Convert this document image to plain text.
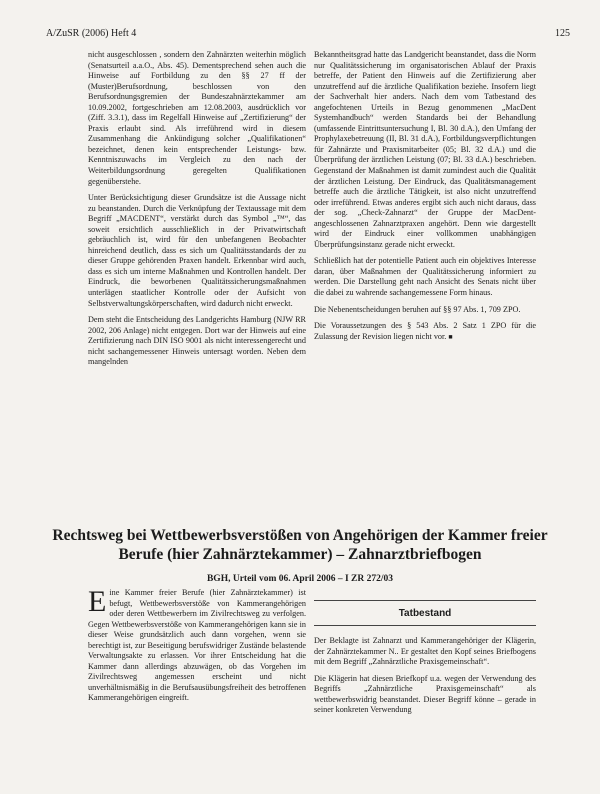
A/ZuSR (2006) Heft 4	125

nicht ausgeschlossen , sondern den Zahnärzten weiterhin möglich (Senatsurteil a.a.O., Abs. 45). Dementsprechend sehen auch die Hinweise auf Fortbildung zu den §§ 27 ff der (Muster)Berufsordnung, beschlossen von den Berufsordnungsgremien der Bundeszahnärztekammer am 10.09.2002, fortgeschrieben am 12.08.2003, ausdrücklich vor (Ziff. 3.3.1), dass im Regelfall Hinweise auf „Zertifizierung“ der Praxis erlaubt sind. Als irreführend wird in diesem Zusammenhang die Ankündigung solcher „Qualifikationen“ bezeichnet, denen kein entsprechender Leistungs- bzw. Kenntniszuwachs im Vergleich zu den nach der Weiterbildungsordnung geregelten Qualifikationen gegenüberstehe.

Unter Berücksichtigung dieser Grundsätze ist die Aussage nicht zu beanstanden. Durch die Verknüpfung der Textaussage mit dem Begriff „MACDENT“, verstärkt durch das Symbol „™“, das soweit ersichtlich ausschließlich in der Privatwirtschaft gebräuchlich ist, wird für den unbefangenen Beobachter hinreichend deutlich, dass es sich um Qualitätsstandards der zu dieser Gruppe gehörenden Praxen handelt. Erkennbar wird auch, dass es sich um interne Maßnahmen und Kontrollen handelt. Der Eindruck, die beworbenen Qualitätssicherungsmaßnahmen unterlägen staatlicher Kontrolle oder der Aufsicht von Selbstverwaltungskörperschaften, wird dadurch nicht erweckt.

Dem steht die Entscheidung des Landgerichts Hamburg (NJW RR 2002, 206 Anlage) nicht entgegen. Dort war der Hinweis auf eine Zertifizierung nach DIN ISO 9001 als nicht interessengerecht und nicht sachangemessener Hinweis untersagt worden. Neben dem mangelnden

Bekanntheitsgrad hatte das Landgericht beanstandet, dass die Norm nur Qualitätssicherung im organisatorischen Ablauf der Praxis betreffe, der Patient den Hinweis auf die Zertifizierung aber unzutreffend auf die ärztliche Qualifikation beziehe. Insofern liegt der Sachverhalt hier anders. Nach dem vom Tatbestand des angefochtenen Urteils in Bezug genommenen „MacDent Systemhandbuch“ werden Standards bei der Behandlung (umfassende Eintrittsuntersuchung I, Bl. 30 d.A.), den Umfang der Prophylaxebetreuung (II, Bl. 31 d.A.), Fortbildungsverpflichtungen für Zahnärzte und Praxismitarbeiter (05; Bl. 32 d.A.) und die Überprüfung der ärztlichen Leistung (07; Bl. 33 d.A.) beschrieben. Gegenstand der Maßnahmen ist damit zumindest auch die Qualität der ärztlichen Leistung. Der Eindruck, das Qualitätsmanagement betreffe auch die ärztliche Tätigkeit, ist also nicht unzutreffend oder irreführend. Etwas anderes ergibt sich auch nicht daraus, dass der sog. „Check-Zahnarzt“ der Gruppe der MacDent-angeschlossenen Zahnarztpraxen angehört. Denn wie dargestellt wird der Eindruck einer vollkommen unabhängigen Überprüfungsinstanz gerade nicht erweckt.

Schließlich hat der potentielle Patient auch ein objektives Interesse daran, über Maßnahmen der Qualitätssicherung informiert zu werden. Die Darstellung geht nach Ansicht des Senats nicht über die dabei zu wahrende sachangemessene Form hinaus.

Die Nebenentscheidungen beruhen auf §§ 97 Abs. 1, 709 ZPO.

Die Voraussetzungen des § 543 Abs. 2 Satz 1 ZPO für die Zulassung der Revision liegen nicht vor. ■

Rechtsweg bei Wettbewerbsverstößen von Angehörigen der Kammer freier Berufe (hier Zahnärztekammer) – Zahnarztbriefbogen
BGH, Urteil vom 06. April 2006 – I ZR 272/03

Eine Kammer freier Berufe (hier Zahnärztekammer) ist befugt, Wettbewerbsverstöße von Kammerangehörigen oder deren Wettbewerbern im Zivilrechtsweg zu verfolgen. Gegen Wettbewerbsverstöße von Kammerangehörigen kann sie in dieser Weise grundsätzlich auch dann vorgehen, wenn sie berechtigt ist, zur Beseitigung berufswidriger Zustände belastende Verwaltungsakte zu erlassen. Vor ihrer Entscheidung hat die Kammer dann allerdings abzuwägen, ob das Vorgehen im Zivilrechtsweg angemessen erscheint und nicht unverhältnismäßig in die Berufsausübungsfreiheit des betroffenen Kammerangehörigen eingreift.

Tatbestand

Der Beklagte ist Zahnarzt und Kammerangehöriger der Klägerin, der Zahnärztekammer N.. Er gestaltet den Kopf seines Briefbogens mit dem Begriff „Zahnärztliche Praxisgemeinschaft“.

Die Klägerin hat diesen Briefkopf u.a. wegen der Verwendung des Begriffs „Zahnärztliche Praxisgemeinschaft“ als wettbewerbswidrig beanstandet. Dieser Begriff könne – gerade in seiner konkreten Verwendung
